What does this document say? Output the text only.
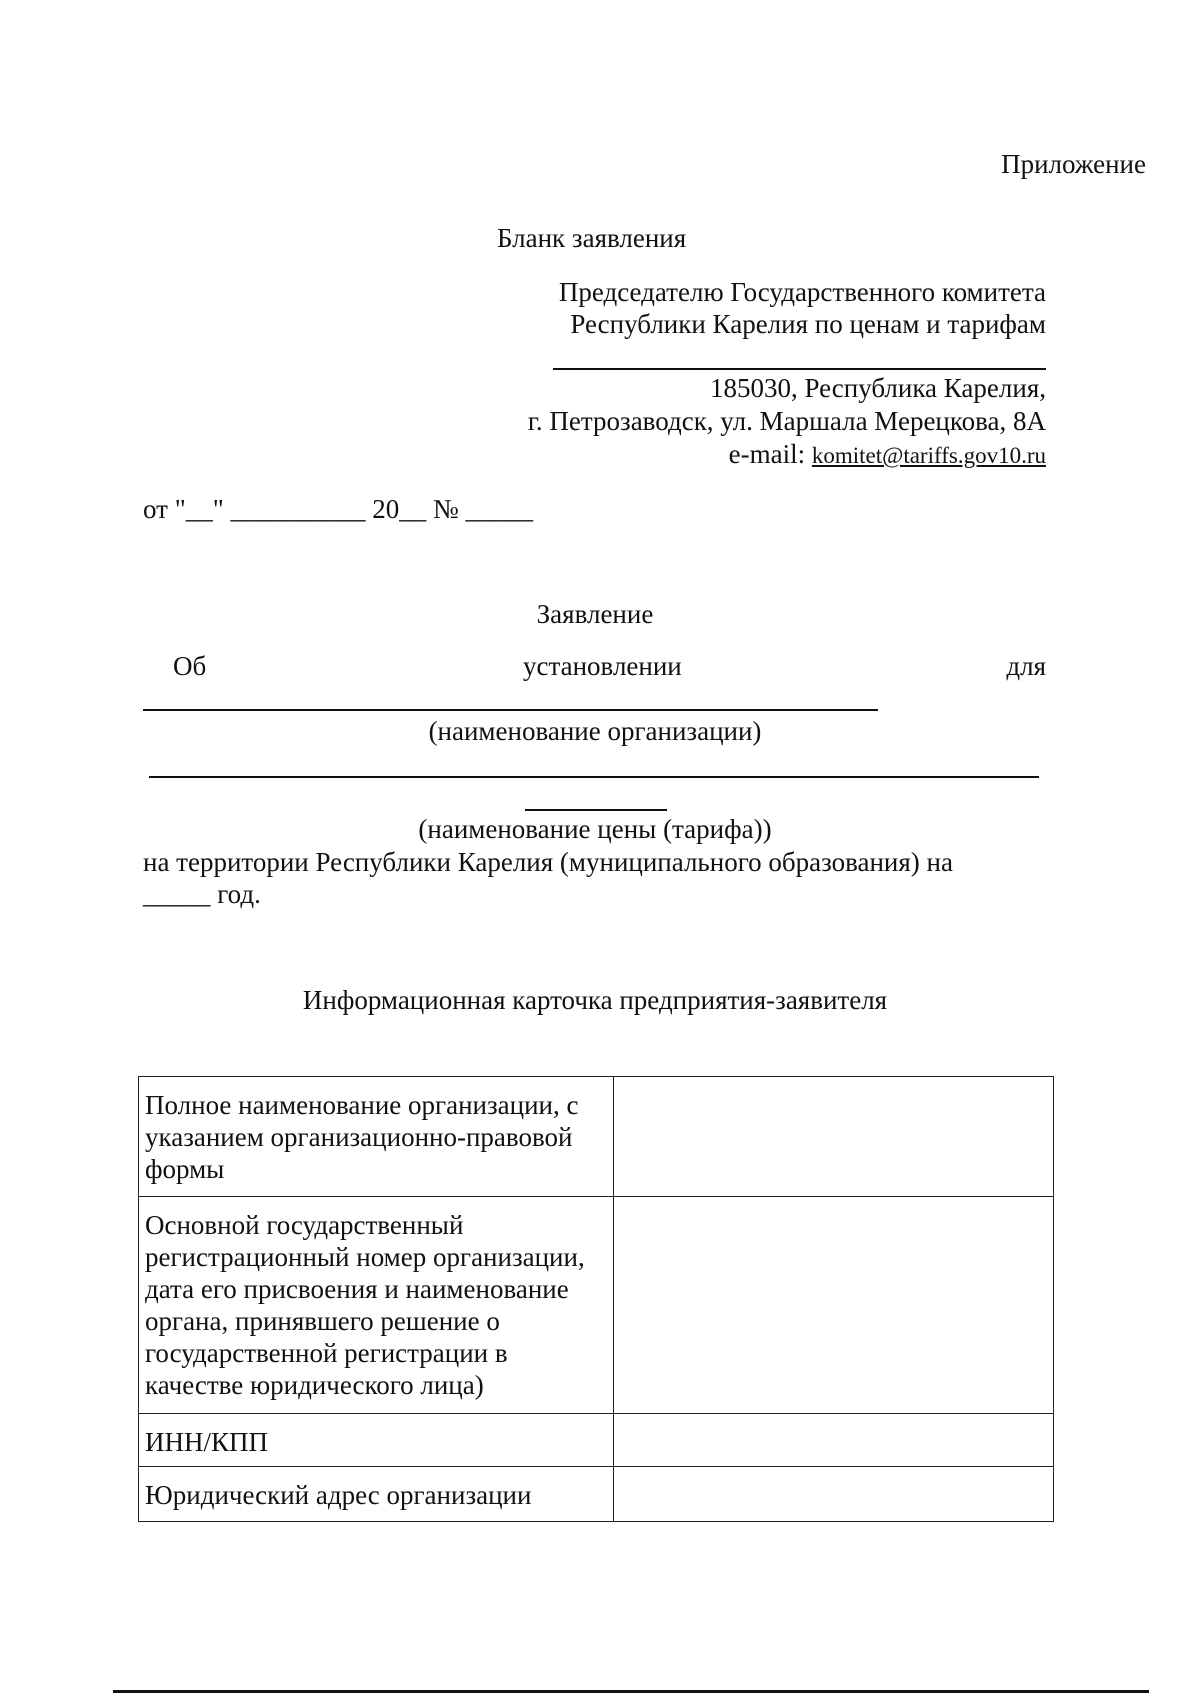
Приложение
Бланк заявления
Председателю Государственного комитета
Республики Карелия по ценам и тарифам
185030, Республика Карелия,
г. Петрозаводск, ул. Маршала Мерецкова, 8А
e-mail: komitet@tariffs.gov10.ru
от "__" __________ 20__ № _____
Заявление
Об	установлении	для
(наименование организации)
(наименование цены (тарифа))
на территории Республики Карелия (муниципального образования) на
_____ год.
Информационная карточка предприятия-заявителя
Полное наименование организации, с указанием организационно-правовой формы	
Основной государственный регистрационный номер организации, дата его присвоения и наименование органа, принявшего решение о государственной регистрации в качестве юридического лица)	
ИНН/КПП	
Юридический адрес организации	
